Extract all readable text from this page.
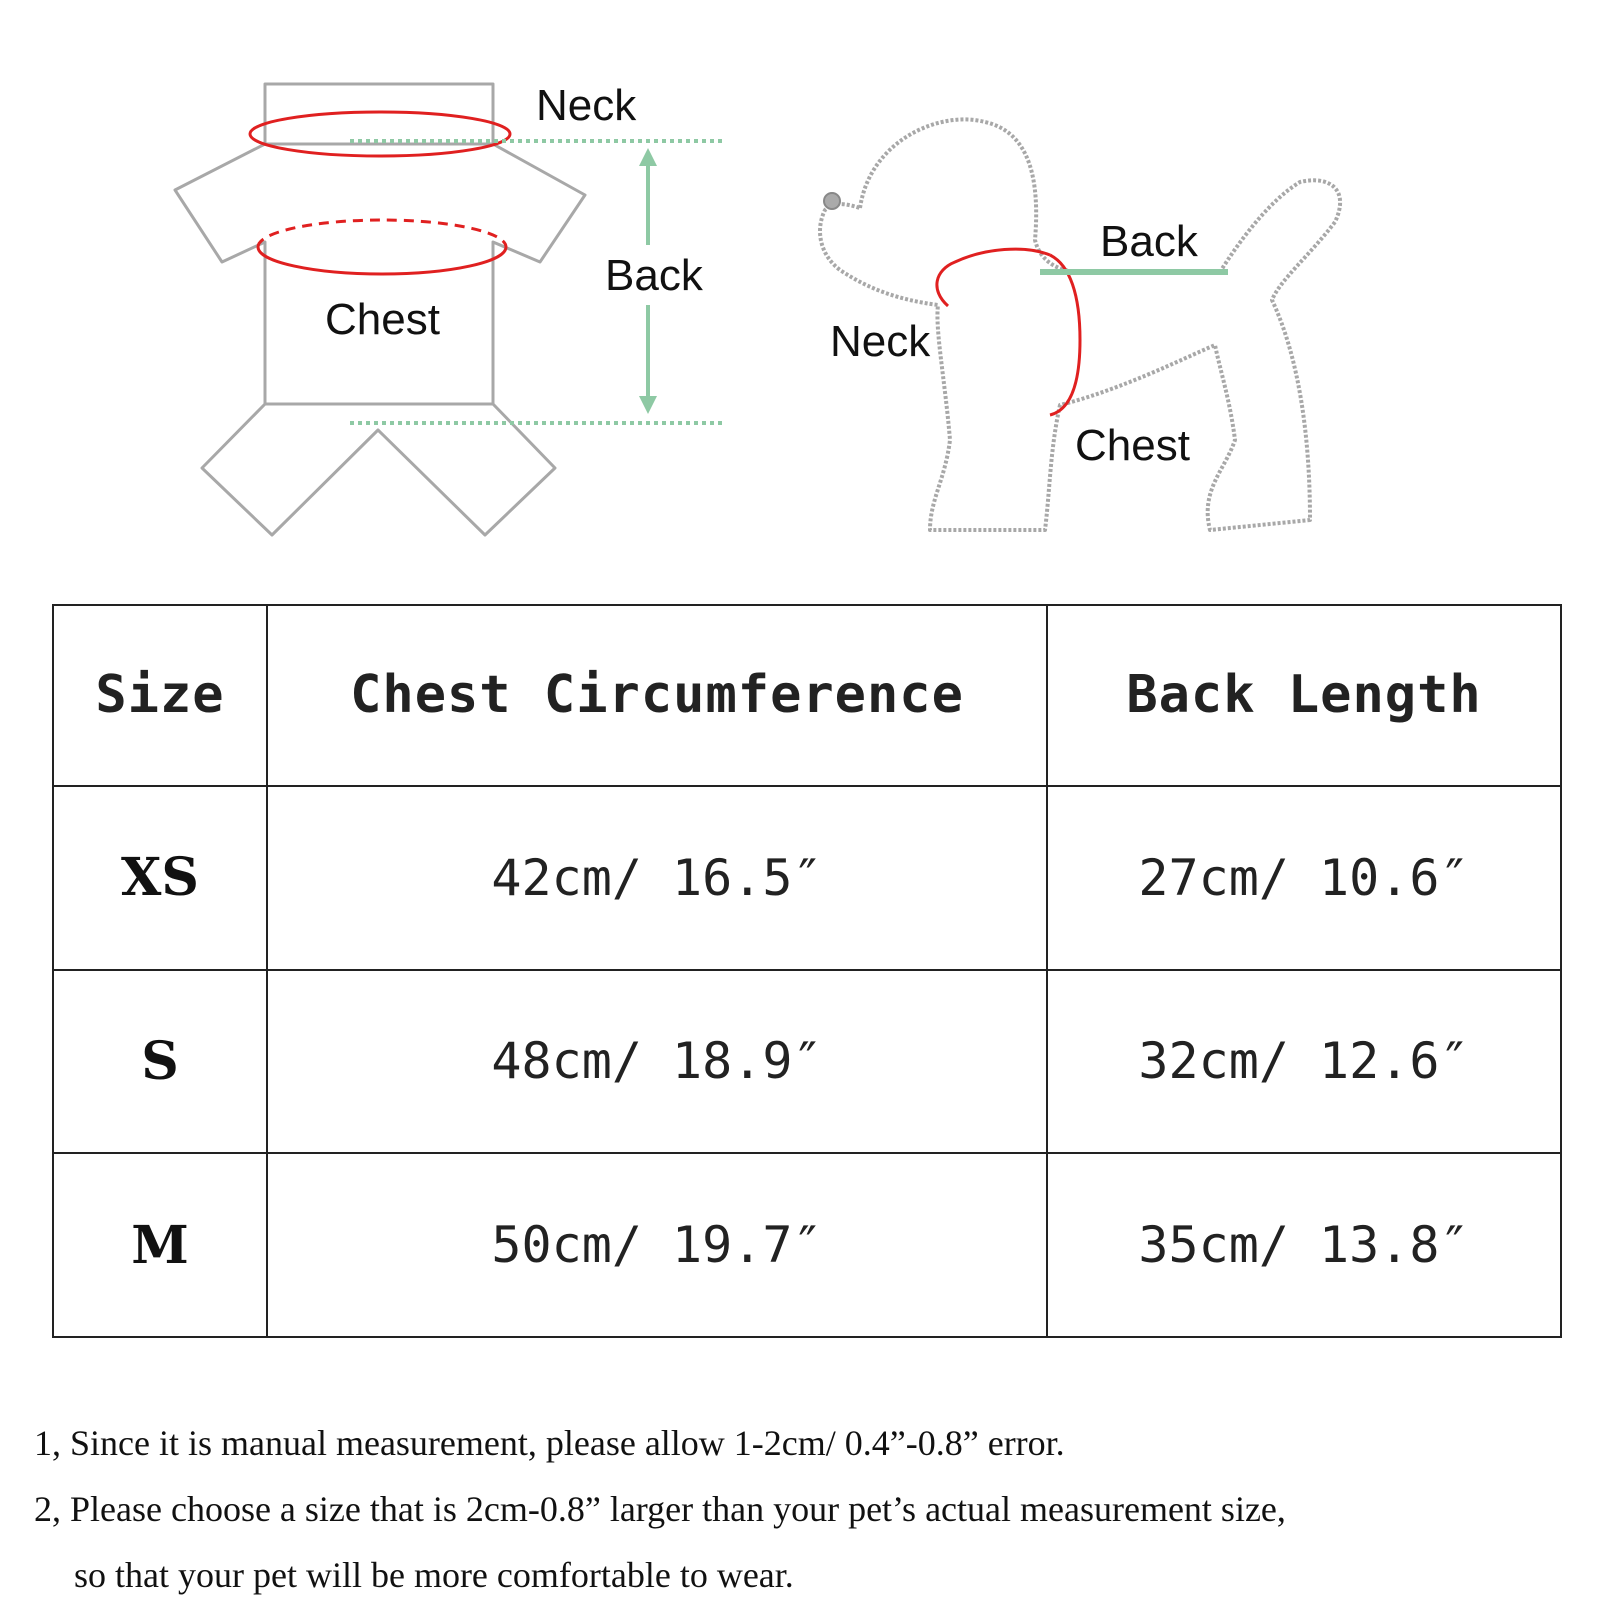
Neck
Back
Chest
Back
Neck
Chest
Size	Chest Circumference	Back Length
XS	42cm/ 16.5″	27cm/ 10.6″
S	48cm/ 18.9″	32cm/ 12.6″
M	50cm/ 19.7″	35cm/ 13.8″

1, Since it is manual measurement, please allow 1-2cm/ 0.4”-0.8” error.

2, Please choose a size that is 2cm-0.8” larger than your pet’s actual measurement size,

so that your pet will be more comfortable to wear.
